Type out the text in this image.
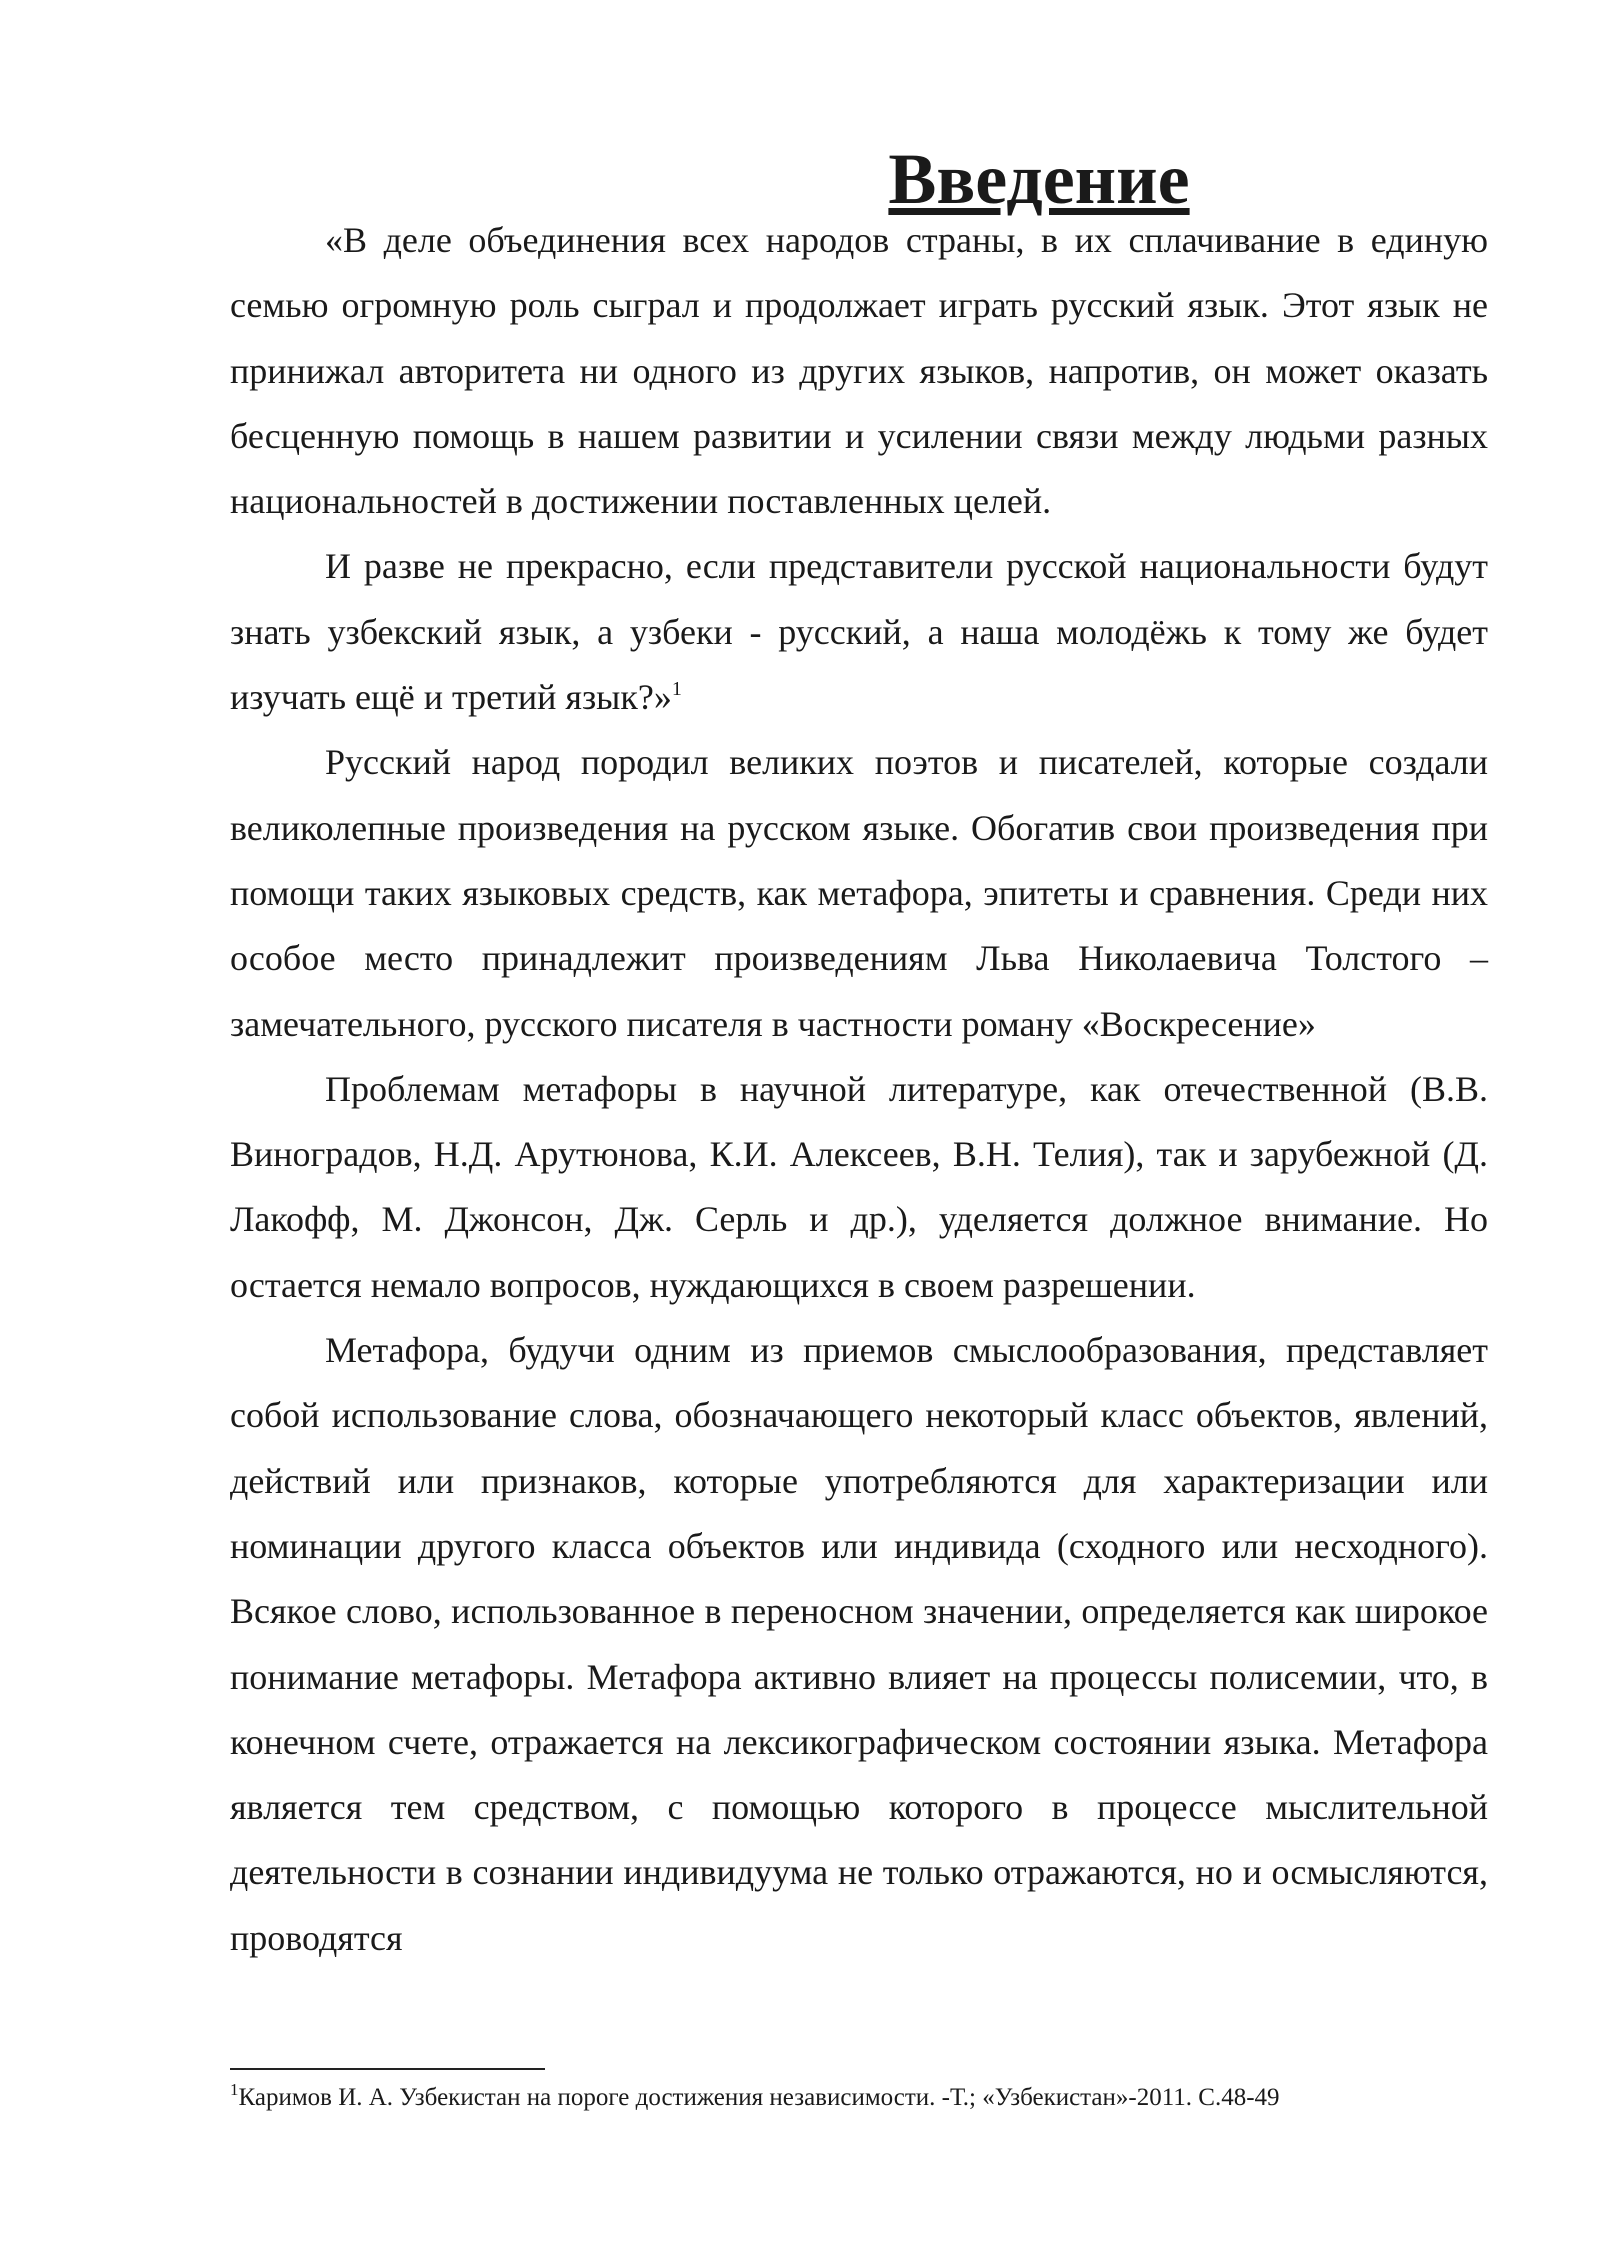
Введение

«В деле объединения всех народов страны, в их сплачивание в единую семью огромную роль сыграл и продолжает играть русский язык. Этот язык не принижал авторитета ни одного из других языков, напротив, он может оказать бесценную помощь в нашем развитии и усилении связи между людьми разных национальностей в достижении поставленных целей.

И разве не прекрасно, если представители русской национальности будут знать узбекский язык, а узбеки - русский, а наша молодёжь к тому же будет изучать ещё и третий язык?»$^1$

Русский народ породил великих поэтов и писателей, которые создали великолепные произведения на русском языке. Обогатив свои произведения при помощи таких языковых средств, как метафора, эпитеты и сравнения. Среди них особое место принадлежит произведениям Льва Николаевича Толстого – замечательного, русского писателя в частности роману «Воскресение»

Проблемам метафоры в научной литературе, как отечественной (В.В. Виноградов, Н.Д. Арутюнова, К.И. Алексеев, В.Н. Телия), так и зарубежной (Д. Лакофф, М. Джонсон, Дж. Серль и др.), уделяется должное внимание. Но остается немало вопросов, нуждающихся в своем разрешении.

Метафора, будучи одним из приемов смыслообразования, представляет собой использование слова, обозначающего некоторый класс объектов, явлений, действий или признаков, которые употребляются для характеризации или номинации другого класса объектов или индивида (сходного или несходного). Всякое слово, использованное в переносном значении, определяется как широкое понимание метафоры. Метафора активно влияет на процессы полисемии, что, в конечном счете, отражается на лексикографическом состоянии языка. Метафора является тем средством, с помощью которого в процессе мыслительной деятельности в сознании индивидуума не только отражаются, но и осмысляются, проводятся

$^1$Каримов И. А. Узбекистан на пороге достижения независимости. -Т.; «Узбекистан»-2011. С.48-49
